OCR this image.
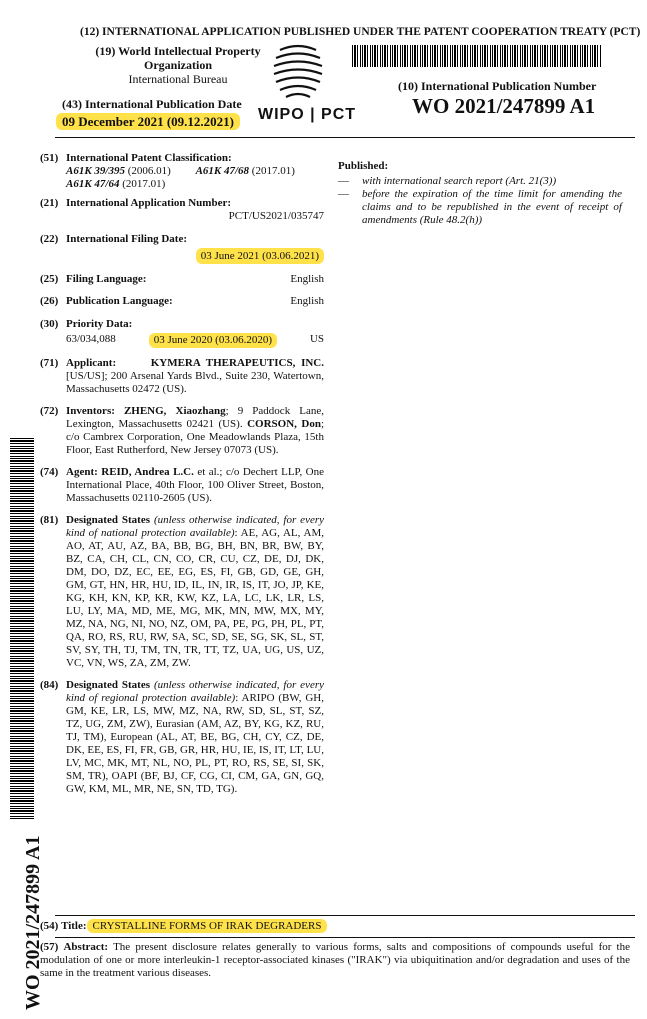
(12) INTERNATIONAL APPLICATION PUBLISHED UNDER THE PATENT COOPERATION TREATY (PCT)
(19) World Intellectual Property
Organization
International Bureau
WIPO | PCT
(43) International Publication Date
09 December 2021 (09.12.2021)
(10) International Publication Number
WO 2021/247899 A1
(51) International Patent Classification:
A61K 39/395 (2006.01) A61K 47/68 (2017.01)
A61K 47/64 (2017.01)
(21) International Application Number:
PCT/US2021/035747
(22) International Filing Date:
03 June 2021 (03.06.2021)
(25) Filing Language:	English
(26) Publication Language:	English
(30) Priority Data:
63/034,088	03 June 2020 (03.06.2020)	US
(71) Applicant:	KYMERA THERAPEUTICS, INC. [US/US]; 200 Arsenal Yards Blvd., Suite 230, Watertown, Massachusetts 02472 (US).
(72) Inventors: ZHENG, Xiaozhang; 9 Paddock Lane, Lexington, Massachusetts 02421 (US). CORSON, Don; c/o Cambrex Corporation, One Meadowlands Plaza, 15th Floor, East Rutherford, New Jersey 07073 (US).
(74) Agent: REID, Andrea L.C. et al.; c/o Dechert LLP, One International Place, 40th Floor, 100 Oliver Street, Boston, Massachusetts 02110-2605 (US).
(81) Designated States (unless otherwise indicated, for every kind of national protection available): AE, AG, AL, AM, AO, AT, AU, AZ, BA, BB, BG, BH, BN, BR, BW, BY, BZ, CA, CH, CL, CN, CO, CR, CU, CZ, DE, DJ, DK, DM, DO, DZ, EC, EE, EG, ES, FI, GB, GD, GE, GH, GM, GT, HN, HR, HU, ID, IL, IN, IR, IS, IT, JO, JP, KE, KG, KH, KN, KP, KR, KW, KZ, LA, LC, LK, LR, LS, LU, LY, MA, MD, ME, MG, MK, MN, MW, MX, MY, MZ, NA, NG, NI, NO, NZ, OM, PA, PE, PG, PH, PL, PT, QA, RO, RS, RU, RW, SA, SC, SD, SE, SG, SK, SL, ST, SV, SY, TH, TJ, TM, TN, TR, TT, TZ, UA, UG, US, UZ, VC, VN, WS, ZA, ZM, ZW.
(84) Designated States (unless otherwise indicated, for every kind of regional protection available): ARIPO (BW, GH, GM, KE, LR, LS, MW, MZ, NA, RW, SD, SL, ST, SZ, TZ, UG, ZM, ZW), Eurasian (AM, AZ, BY, KG, KZ, RU, TJ, TM), European (AL, AT, BE, BG, CH, CY, CZ, DE, DK, EE, ES, FI, FR, GB, GR, HR, HU, IE, IS, IT, LT, LU, LV, MC, MK, MT, NL, NO, PL, PT, RO, RS, SE, SI, SK, SM, TR), OAPI (BF, BJ, CF, CG, CI, CM, GA, GN, GQ, GW, KM, ML, MR, NE, SN, TD, TG).
Published:
— with international search report (Art. 21(3))
— before the expiration of the time limit for amending the claims and to be republished in the event of receipt of amendments (Rule 48.2(h))
WO 2021/247899 A1
(54) Title: CRYSTALLINE FORMS OF IRAK DEGRADERS
(57) Abstract: The present disclosure relates generally to various forms, salts and compositions of compounds useful for the modulation of one or more interleukin-1 receptor-associated kinases ("IRAK") via ubiquitination and/or degradation and uses of the same in the treatment various diseases.
